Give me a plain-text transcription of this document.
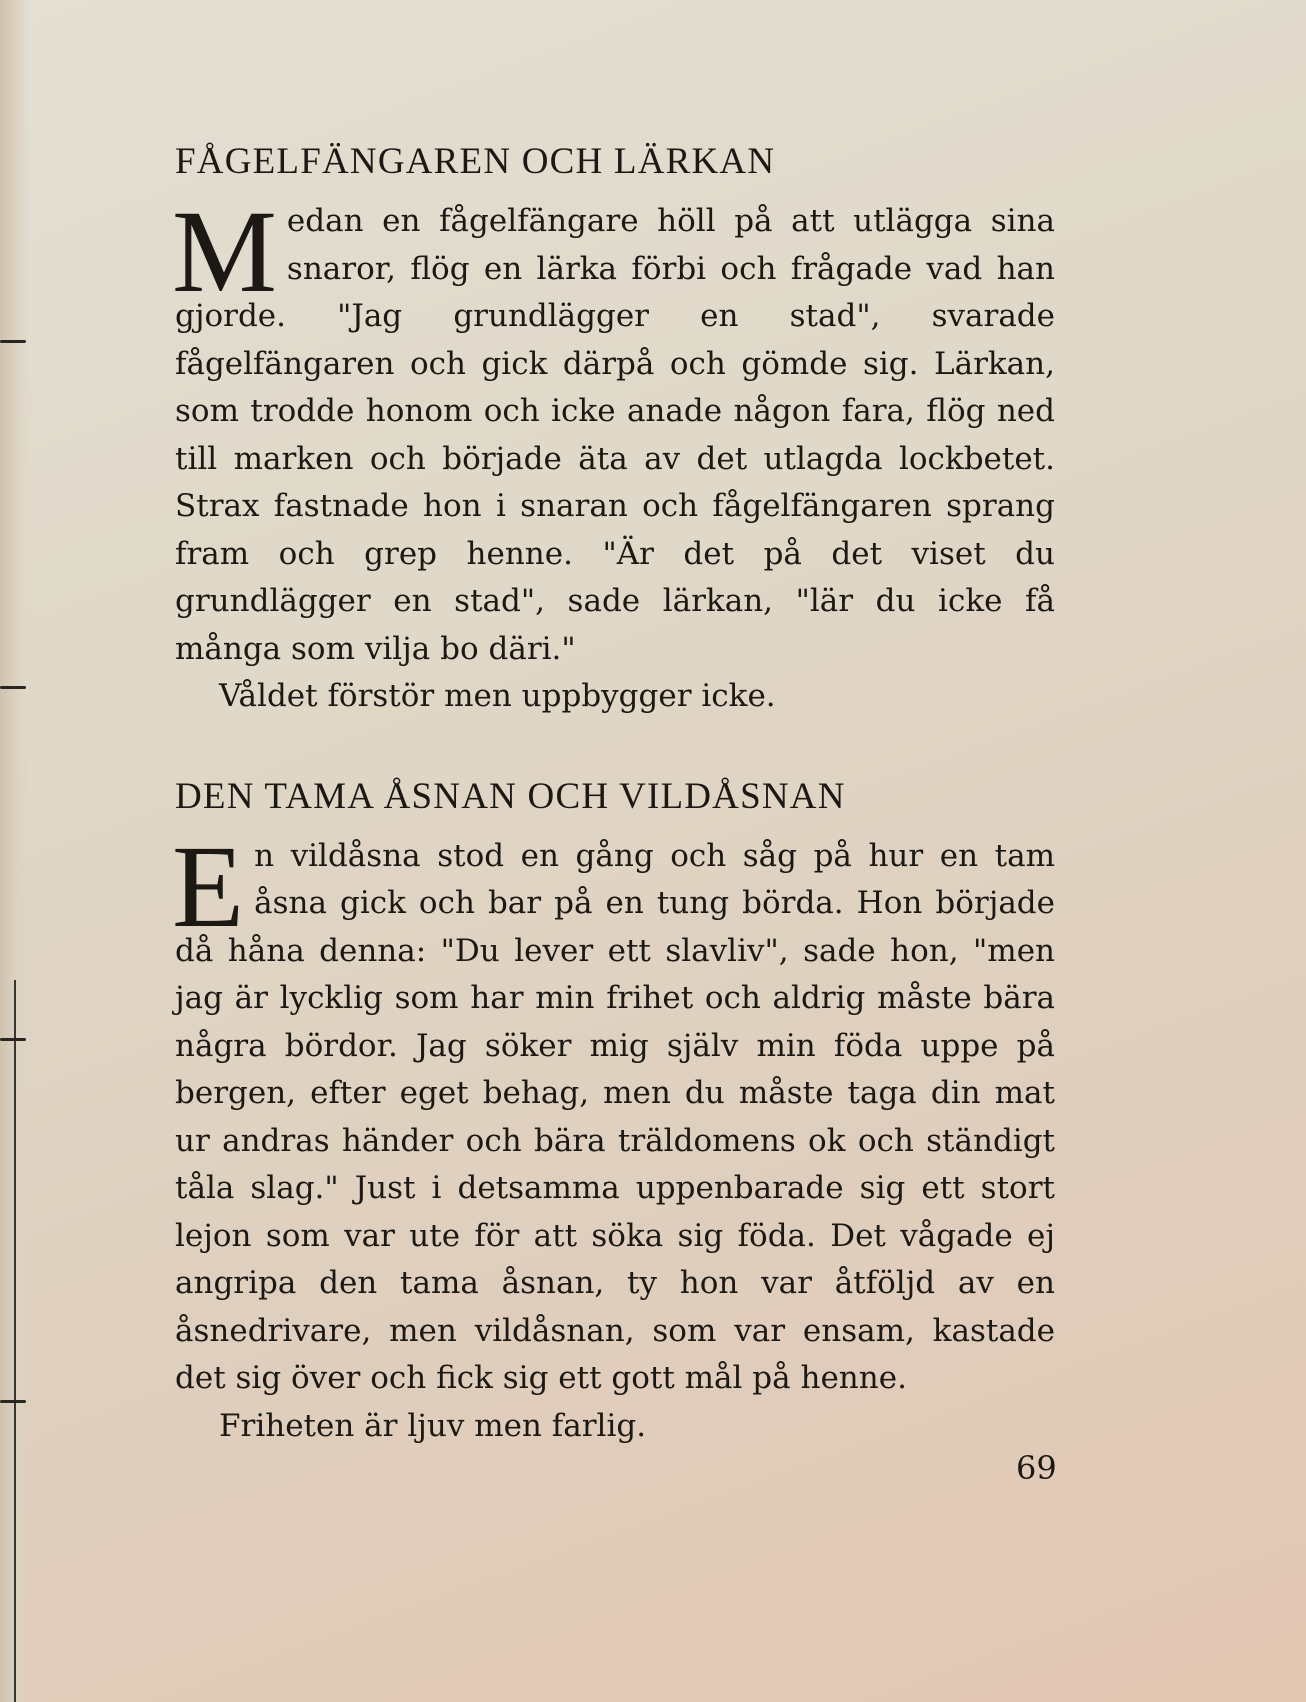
FÅGELFÄNGAREN OCH LÄRKAN

Medan en fågelfängare höll på att utlägga sina snaror, flög en lärka förbi och frågade vad han gjorde. "Jag grundlägger en stad", svarade fågelfängaren och gick därpå och gömde sig. Lärkan, som trodde honom och icke anade någon fara, flög ned till marken och började äta av det utlagda lockbetet. Strax fastnade hon i snaran och fågelfängaren sprang fram och grep henne. "Är det på det viset du grundlägger en stad", sade lärkan, "lär du icke få många som vilja bo däri."

Våldet förstör men uppbygger icke.

DEN TAMA ÅSNAN OCH VILDÅSNAN

En vildåsna stod en gång och såg på hur en tam åsna gick och bar på en tung börda. Hon började då håna denna: "Du lever ett slavliv", sade hon, "men jag är lycklig som har min frihet och aldrig måste bära några bördor. Jag söker mig själv min föda uppe på bergen, efter eget behag, men du måste taga din mat ur andras händer och bära träldomens ok och ständigt tåla slag." Just i detsamma uppenbarade sig ett stort lejon som var ute för att söka sig föda. Det vågade ej angripa den tama åsnan, ty hon var åtföljd av en åsnedrivare, men vildåsnan, som var ensam, kastade det sig över och fick sig ett gott mål på henne.

Friheten är ljuv men farlig.

69
